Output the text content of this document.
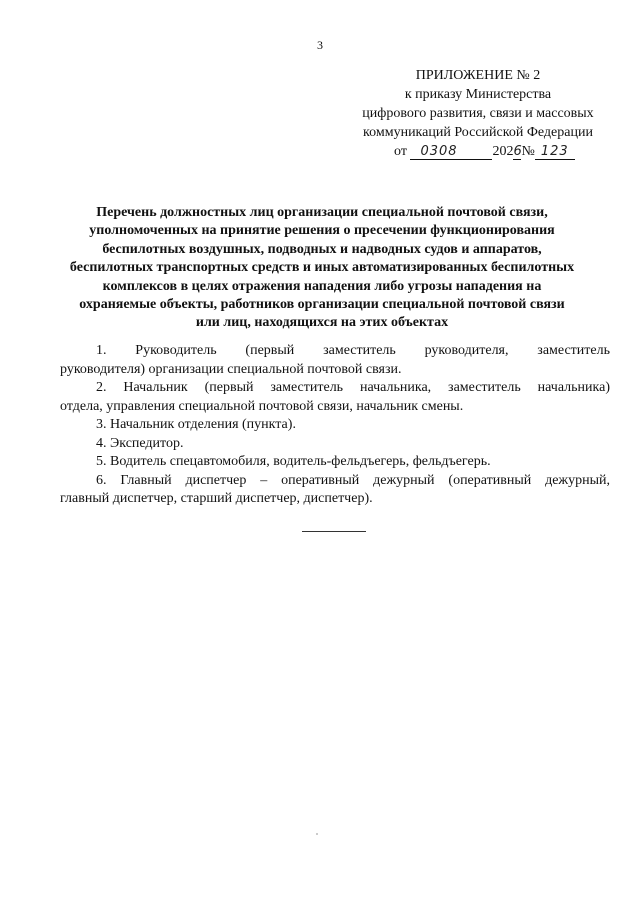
3
ПРИЛОЖЕНИЕ № 2
к приказу Министерства
цифрового развития, связи и массовых
коммуникаций Российской Федерации
от 0308 2026№ 123
Перечень должностных лиц организации специальной почтовой связи,
уполномоченных на принятие решения о пресечении функционирования
беспилотных воздушных, подводных и надводных судов и аппаратов,
беспилотных транспортных средств и иных автоматизированных беспилотных
комплексов в целях отражения нападения либо угрозы нападения на
охраняемые объекты, работников организации специальной почтовой связи
или лиц, находящихся на этих объектах
1. Руководитель (первый заместитель руководителя, заместитель
руководителя) организации специальной почтовой связи.
2. Начальник (первый заместитель начальника, заместитель начальника)
отдела, управления специальной почтовой связи, начальник смены.
3. Начальник отделения (пункта).
4. Экспедитор.
5. Водитель спецавтомобиля, водитель-фельдъегерь, фельдъегерь.
6. Главный диспетчер – оперативный дежурный (оперативный дежурный,
главный диспетчер, старший диспетчер, диспетчер).
